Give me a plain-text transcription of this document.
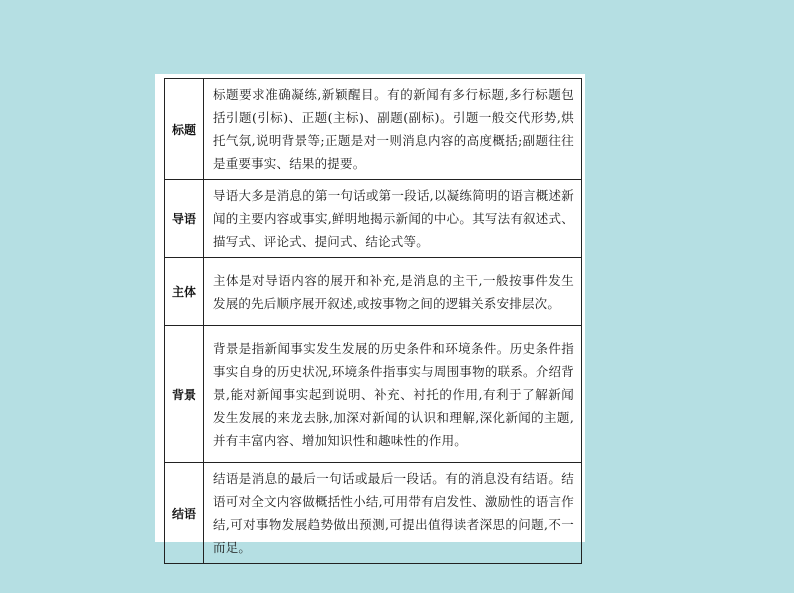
标题	标题要求准确凝练,新颖醒目。有的新闻有多行标题,多行标题包括引题(引标)、正题(主标)、副题(副标)。引题一般交代形势,烘托气氛,说明背景等;正题是对一则消息内容的高度概括;副题往往是重要事实、结果的提要。
导语	导语大多是消息的第一句话或第一段话,以凝练简明的语言概述新闻的主要内容或事实,鲜明地揭示新闻的中心。其写法有叙述式、描写式、评论式、提问式、结论式等。
主体	主体是对导语内容的展开和补充,是消息的主干,一般按事件发生发展的先后顺序展开叙述,或按事物之间的逻辑关系安排层次。
背景	背景是指新闻事实发生发展的历史条件和环境条件。历史条件指事实自身的历史状况,环境条件指事实与周围事物的联系。介绍背景,能对新闻事实起到说明、补充、衬托的作用,有利于了解新闻发生发展的来龙去脉,加深对新闻的认识和理解,深化新闻的主题,并有丰富内容、增加知识性和趣味性的作用。
结语	结语是消息的最后一句话或最后一段话。有的消息没有结语。结语可对全文内容做概括性小结,可用带有启发性、激励性的语言作结,可对事物发展趋势做出预测,可提出值得读者深思的问题,不一而足。
